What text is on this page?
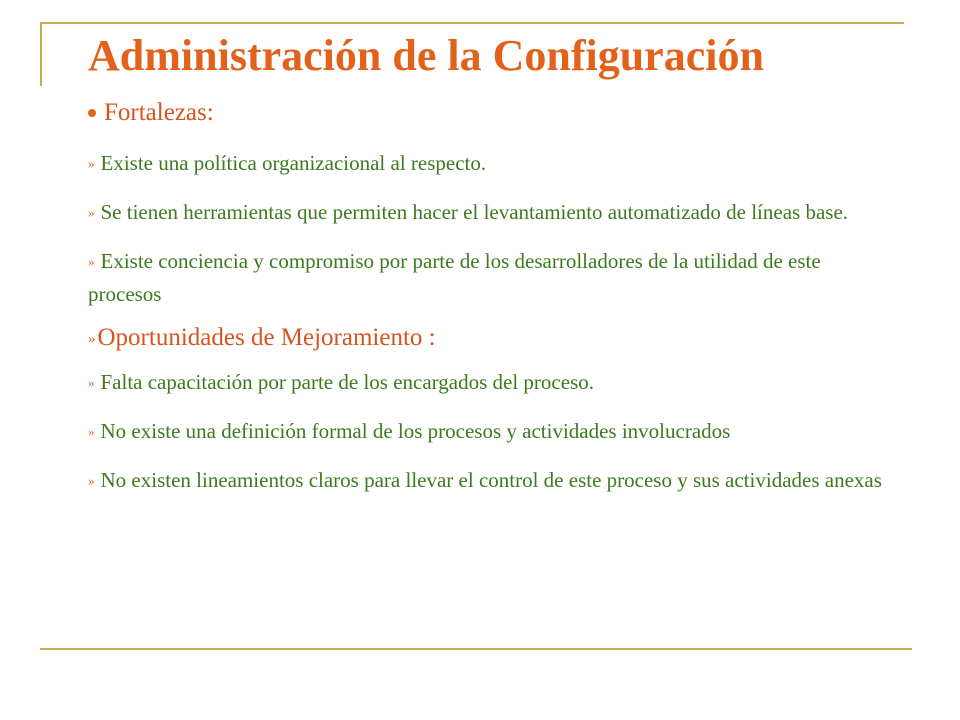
Administración de la Configuración
Fortalezas:
» Existe una política organizacional al respecto.
» Se tienen herramientas que permiten hacer el levantamiento automatizado de líneas base.
» Existe conciencia y compromiso por parte de los desarrolladores de la utilidad de este procesos
»Oportunidades de Mejoramiento :
» Falta capacitación por parte de los encargados del proceso.
» No existe una definición formal de los procesos y actividades involucrados
» No existen lineamientos claros para llevar el control de este proceso y sus actividades anexas
